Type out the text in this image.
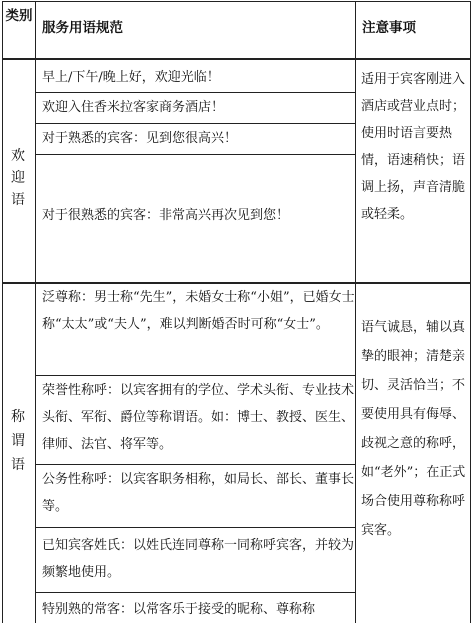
类别
服务用语规范	注意事项
欢迎语
早上/下午/晚上好，欢迎光临！
欢迎入住香米拉客家商务酒店！
对于熟悉的宾客：见到您很高兴！
对于很熟悉的宾客：非常高兴再次见到您！
适用于宾客刚进入酒店或营业点时；使用时语言要热情，语速稍快；语调上扬，声音清脆或轻柔。
称谓语
泛尊称：男士称“先生”，未婚女士称“小姐”，已婚女士称“太太”或“夫人”，难以判断婚否时可称“女士”。
荣誉性称呼：以宾客拥有的学位、学术头衔、专业技术头衔、军衔、爵位等称谓语。如：博士、教授、医生、律师、法官、将军等。
公务性称呼：以宾客职务相称，如局长、部长、董事长等。
已知宾客姓氏：以姓氏连同尊称一同称呼宾客，并较为频繁地使用。
特别熟的常客：以常客乐于接受的昵称、尊称称
语气诚恳，辅以真挚的眼神；清楚亲切、灵活恰当；不要使用具有侮辱、歧视之意的称呼，如“老外”；在正式场合使用尊称称呼宾客。
